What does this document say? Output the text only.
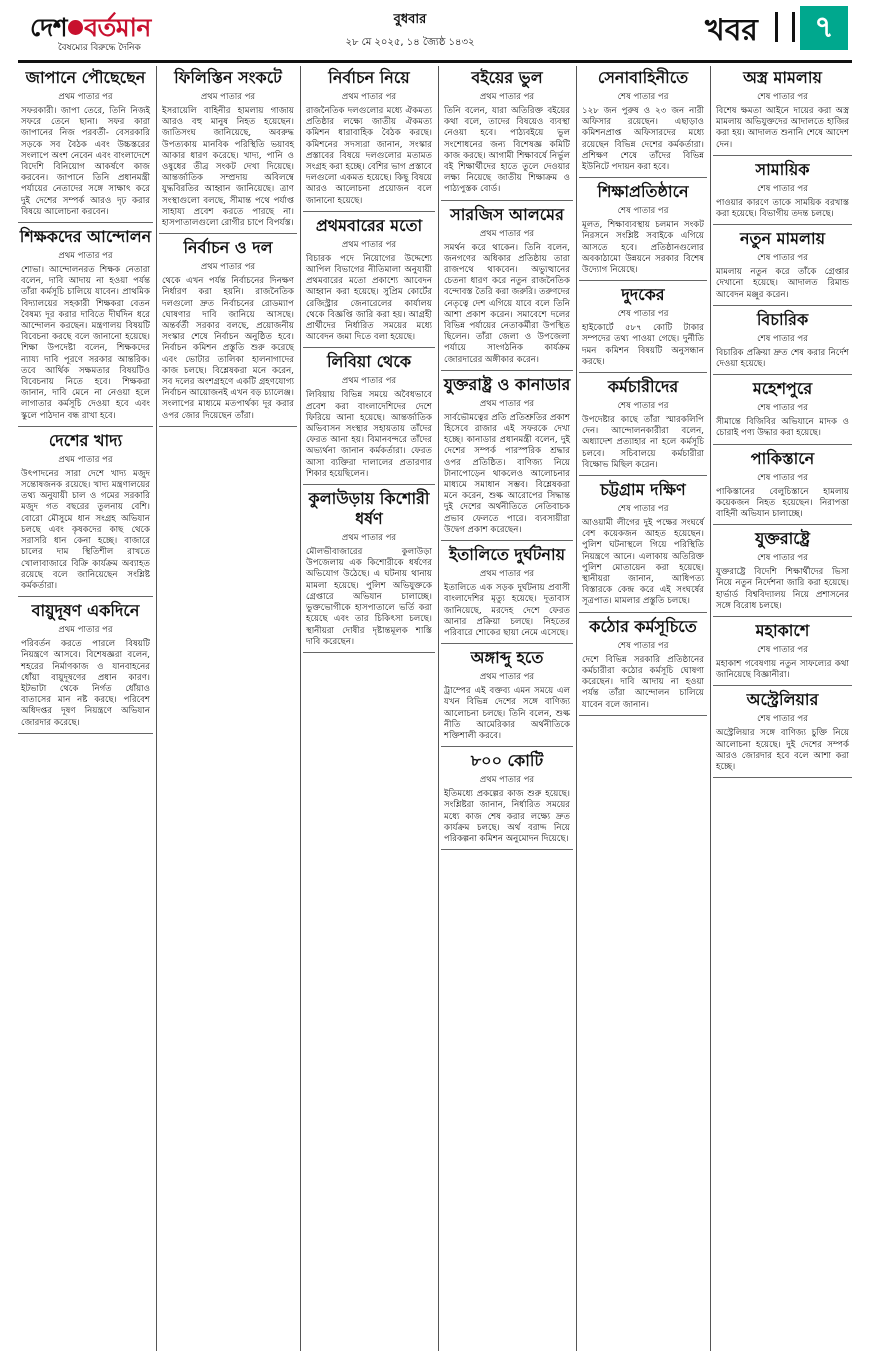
দেশ বর্তমান
বৈষম্যের বিরুদ্ধে দৈনিক
বুধবার
২৮ মে ২০২৫, ১৪ জ্যৈষ্ঠ ১৪৩২	খবর	৭
জাপানে পৌছেছেন
প্রথম পাতার পর
সফরকারী। জাপা তেরে, তিনি নিজই সফরে তেনে ছানা। সফর কারা জাপানের নিজ পরবর্তী- বেসরকারি সড়কে সব বৈঠক এবং উচ্চস্তরের সংলাপে অংশ নেবেন এবং বাংলাদেশে বিদেশি বিনিয়োগ আকর্ষণে কাজ করবেন। জাপানে তিনি প্রধানমন্ত্রী পর্যায়ের নেতাদের সঙ্গে সাক্ষাৎ করে দুই দেশের সম্পর্ক আরও দৃঢ় করার বিষয়ে আলোচনা করবেন।
শিক্ষকদের আন্দোলন
প্রথম পাতার পর
শোভা। আন্দোলনরত শিক্ষক নেতারা বলেন, দাবি আদায় না হওয়া পর্যন্ত তাঁরা কর্মসূচি চালিয়ে যাবেন। প্রাথমিক বিদ্যালয়ের সহকারী শিক্ষকরা বেতন বৈষম্য দূর করার দাবিতে দীর্ঘদিন ধরে আন্দোলন করছেন। মন্ত্রণালয় বিষয়টি বিবেচনা করছে বলে জানানো হয়েছে। শিক্ষা উপদেষ্টা বলেন, শিক্ষকদের ন্যায্য দাবি পূরণে সরকার আন্তরিক। তবে আর্থিক সক্ষমতার বিষয়টিও বিবেচনায় নিতে হবে। শিক্ষকরা জানান, দাবি মেনে না নেওয়া হলে লাগাতার কর্মসূচি দেওয়া হবে এবং স্কুলে পাঠদান বন্ধ রাখা হবে।
দেশের খাদ্য
প্রথম পাতার পর
উৎপাদনের সারা দেশে খাদ্য মজুদ সন্তোষজনক রয়েছে। খাদ্য মন্ত্রণালয়ের তথ্য অনুযায়ী চাল ও গমের সরকারি মজুদ গত বছরের তুলনায় বেশি। বোরো মৌসুমে ধান সংগ্রহ অভিযান চলছে এবং কৃষকদের কাছ থেকে সরাসরি ধান কেনা হচ্ছে। বাজারে চালের দাম স্থিতিশীল রাখতে খোলাবাজারে বিক্রি কার্যক্রম অব্যাহত রয়েছে বলে জানিয়েছেন সংশ্লিষ্ট কর্মকর্তারা।
বায়ুদূষণ একদিনে
প্রথম পাতার পর
পরিবর্তন করতে পারলে বিষয়টি নিয়ন্ত্রণে আসবে। বিশেষজ্ঞরা বলেন, শহরের নির্মাণকাজ ও যানবাহনের ধোঁয়া বায়ুদূষণের প্রধান কারণ। ইটভাটা থেকে নির্গত ধোঁয়াও বাতাসের মান নষ্ট করছে। পরিবেশ অধিদপ্তর দূষণ নিয়ন্ত্রণে অভিযান জোরদার করেছে।
ফিলিস্তিন সংকটে
প্রথম পাতার পর
ইসরায়েলি বাহিনীর হামলায় গাজায় আরও বহু মানুষ নিহত হয়েছেন। জাতিসংঘ জানিয়েছে, অবরুদ্ধ উপত্যকায় মানবিক পরিস্থিতি ভয়াবহ আকার ধারণ করেছে। খাদ্য, পানি ও ওষুধের তীব্র সংকট দেখা দিয়েছে। আন্তর্জাতিক সম্প্রদায় অবিলম্বে যুদ্ধবিরতির আহ্বান জানিয়েছে। ত্রাণ সংস্থাগুলো বলছে, সীমান্ত পথে পর্যাপ্ত সাহায্য প্রবেশ করতে পারছে না। হাসপাতালগুলো রোগীর চাপে বিপর্যস্ত।
নির্বাচন ও দল
প্রথম পাতার পর
থেকে এখন পর্যন্ত নির্বাচনের দিনক্ষণ নির্ধারণ করা হয়নি। রাজনৈতিক দলগুলো দ্রুত নির্বাচনের রোডম্যাপ ঘোষণার দাবি জানিয়ে আসছে। অন্তর্বর্তী সরকার বলছে, প্রয়োজনীয় সংস্কার শেষে নির্বাচন অনুষ্ঠিত হবে। নির্বাচন কমিশন প্রস্তুতি শুরু করেছে এবং ভোটার তালিকা হালনাগাদের কাজ চলছে। বিশ্লেষকরা মনে করেন, সব দলের অংশগ্রহণে একটি গ্রহণযোগ্য নির্বাচন আয়োজনই এখন বড় চ্যালেঞ্জ। সংলাপের মাধ্যমে মতপার্থক্য দূর করার ওপর জোর দিয়েছেন তাঁরা।
নির্বাচন নিয়ে
প্রথম পাতার পর
রাজনৈতিক দলগুলোর মধ্যে ঐকমত্য প্রতিষ্ঠার লক্ষ্যে জাতীয় ঐকমত্য কমিশন ধারাবাহিক বৈঠক করছে। কমিশনের সদস্যরা জানান, সংস্কার প্রস্তাবের বিষয়ে দলগুলোর মতামত সংগ্রহ করা হচ্ছে। বেশির ভাগ প্রস্তাবে দলগুলো একমত হয়েছে। কিছু বিষয়ে আরও আলোচনা প্রয়োজন বলে জানানো হয়েছে।
প্রথমবারের মতো
প্রথম পাতার পর
বিচারক পদে নিয়োগের উদ্দেশ্যে আপিল বিভাগের নীতিমালা অনুযায়ী প্রথমবারের মতো প্রকাশ্যে আবেদন আহ্বান করা হয়েছে। সুপ্রিম কোর্টের রেজিস্ট্রার জেনারেলের কার্যালয় থেকে বিজ্ঞপ্তি জারি করা হয়। আগ্রহী প্রার্থীদের নির্ধারিত সময়ের মধ্যে আবেদন জমা দিতে বলা হয়েছে।
লিবিয়া থেকে
প্রথম পাতার পর
লিবিয়ায় বিভিন্ন সময়ে অবৈধভাবে প্রবেশ করা বাংলাদেশিদের দেশে ফিরিয়ে আনা হয়েছে। আন্তর্জাতিক অভিবাসন সংস্থার সহায়তায় তাঁদের ফেরত আনা হয়। বিমানবন্দরে তাঁদের অভ্যর্থনা জানান কর্মকর্তারা। ফেরত আসা ব্যক্তিরা দালালের প্রতারণার শিকার হয়েছিলেন।
কুলাউড়ায় কিশোরী ধর্ষণ
প্রথম পাতার পর
মৌলভীবাজারের কুলাউড়া উপজেলায় এক কিশোরীকে ধর্ষণের অভিযোগ উঠেছে। এ ঘটনায় থানায় মামলা হয়েছে। পুলিশ অভিযুক্তকে গ্রেপ্তারে অভিযান চালাচ্ছে। ভুক্তভোগীকে হাসপাতালে ভর্তি করা হয়েছে এবং তার চিকিৎসা চলছে। স্থানীয়রা দোষীর দৃষ্টান্তমূলক শাস্তি দাবি করেছেন।
বইয়ের ভুল
প্রথম পাতার পর
তিনি বলেন, যারা অতিরিক্ত বইয়ের কথা বলে, তাদের বিষয়েও ব্যবস্থা নেওয়া হবে। পাঠ্যবইয়ে ভুল সংশোধনের জন্য বিশেষজ্ঞ কমিটি কাজ করছে। আগামী শিক্ষাবর্ষে নির্ভুল বই শিক্ষার্থীদের হাতে তুলে দেওয়ার লক্ষ্য নিয়েছে জাতীয় শিক্ষাক্রম ও পাঠ্যপুস্তক বোর্ড।
সারজিস আলমের
প্রথম পাতার পর
সমর্থন করে থাকেন। তিনি বলেন, জনগণের অধিকার প্রতিষ্ঠায় তারা রাজপথে থাকবেন। অভ্যুত্থানের চেতনা ধারণ করে নতুন রাজনৈতিক বন্দোবস্ত তৈরি করা জরুরি। তরুণদের নেতৃত্বে দেশ এগিয়ে যাবে বলে তিনি আশা প্রকাশ করেন। সমাবেশে দলের বিভিন্ন পর্যায়ের নেতাকর্মীরা উপস্থিত ছিলেন। তাঁরা জেলা ও উপজেলা পর্যায়ে সাংগঠনিক কার্যক্রম জোরদারের অঙ্গীকার করেন।
যুক্তরাষ্ট্র ও কানাডার
প্রথম পাতার পর
সার্বভৌমত্বের প্রতি প্রতিশ্রুতির প্রকাশ হিসেবে রাজার এই সফরকে দেখা হচ্ছে। কানাডার প্রধানমন্ত্রী বলেন, দুই দেশের সম্পর্ক পারস্পরিক শ্রদ্ধার ওপর প্রতিষ্ঠিত। বাণিজ্য নিয়ে টানাপোড়েন থাকলেও আলোচনার মাধ্যমে সমাধান সম্ভব। বিশ্লেষকরা মনে করেন, শুল্ক আরোপের সিদ্ধান্ত দুই দেশের অর্থনীতিতে নেতিবাচক প্রভাব ফেলতে পারে। ব্যবসায়ীরা উদ্বেগ প্রকাশ করেছেন।
ইতালিতে দুর্ঘটনায়
প্রথম পাতার পর
ইতালিতে এক সড়ক দুর্ঘটনায় প্রবাসী বাংলাদেশির মৃত্যু হয়েছে। দূতাবাস জানিয়েছে, মরদেহ দেশে ফেরত আনার প্রক্রিয়া চলছে। নিহতের পরিবারে শোকের ছায়া নেমে এসেছে।
অঙ্গাব্দু হতে
প্রথম পাতার পর
ট্রাম্পের এই বক্তব্য এমন সময়ে এল যখন বিভিন্ন দেশের সঙ্গে বাণিজ্য আলোচনা চলছে। তিনি বলেন, শুল্ক নীতি আমেরিকার অর্থনীতিকে শক্তিশালী করবে।
৮০০ কোটি
প্রথম পাতার পর
ইতিমধ্যে প্রকল্পের কাজ শুরু হয়েছে। সংশ্লিষ্টরা জানান, নির্ধারিত সময়ের মধ্যে কাজ শেষ করার লক্ষ্যে দ্রুত কার্যক্রম চলছে। অর্থ বরাদ্দ নিয়ে পরিকল্পনা কমিশন অনুমোদন দিয়েছে।
সেনাবাহিনীতে
শেষ পাতার পর
১২৮ জন পুরুষ ও ২৩ জন নারী অফিসার রয়েছেন। এছাড়াও কমিশনপ্রাপ্ত অফিসারদের মধ্যে রয়েছেন বিভিন্ন দেশের কর্মকর্তারা। প্রশিক্ষণ শেষে তাঁদের বিভিন্ন ইউনিটে পদায়ন করা হবে।
শিক্ষাপ্রতিষ্ঠানে
শেষ পাতার পর
মূলত, শিক্ষাব্যবস্থায় চলমান সংকট নিরসনে সংশ্লিষ্ট সবাইকে এগিয়ে আসতে হবে। প্রতিষ্ঠানগুলোর অবকাঠামো উন্নয়নে সরকার বিশেষ উদ্যোগ নিয়েছে।
দুদকের
শেষ পাতার পর
হাইকোর্টে ৫৮৭ কোটি টাকার সম্পদের তথ্য পাওয়া গেছে। দুর্নীতি দমন কমিশন বিষয়টি অনুসন্ধান করছে।
কর্মচারীদের
শেষ পাতার পর
উপদেষ্টার কাছে তাঁরা স্মারকলিপি দেন। আন্দোলনকারীরা বলেন, অধ্যাদেশ প্রত্যাহার না হলে কর্মসূচি চলবে। সচিবালয়ে কর্মচারীরা বিক্ষোভ মিছিল করেন।
চট্টগ্রাম দক্ষিণ
শেষ পাতার পর
আওয়ামী লীগের দুই পক্ষের সংঘর্ষে বেশ কয়েকজন আহত হয়েছেন। পুলিশ ঘটনাস্থলে গিয়ে পরিস্থিতি নিয়ন্ত্রণে আনে। এলাকায় অতিরিক্ত পুলিশ মোতায়েন করা হয়েছে। স্থানীয়রা জানান, আধিপত্য বিস্তারকে কেন্দ্র করে এই সংঘর্ষের সূত্রপাত। মামলার প্রস্তুতি চলছে।
কঠোর কর্মসূচিতে
শেষ পাতার পর
দেশে বিভিন্ন সরকারি প্রতিষ্ঠানের কর্মচারীরা কঠোর কর্মসূচি ঘোষণা করেছেন। দাবি আদায় না হওয়া পর্যন্ত তাঁরা আন্দোলন চালিয়ে যাবেন বলে জানান।
অস্ত্র মামলায়
শেষ পাতার পর
বিশেষ ক্ষমতা আইনে দায়ের করা অস্ত্র মামলায় অভিযুক্তদের আদালতে হাজির করা হয়। আদালত শুনানি শেষে আদেশ দেন।
সামায়িক
শেষ পাতার পর
পাওয়ার কারণে তাকে সাময়িক বরখাস্ত করা হয়েছে। বিভাগীয় তদন্ত চলছে।
নতুন মামলায়
শেষ পাতার পর
মামলায় নতুন করে তাঁকে গ্রেপ্তার দেখানো হয়েছে। আদালত রিমান্ড আবেদন মঞ্জুর করেন।
বিচারিক
শেষ পাতার পর
বিচারিক প্রক্রিয়া দ্রুত শেষ করার নির্দেশ দেওয়া হয়েছে।
মহেশপুরে
শেষ পাতার পর
সীমান্তে বিজিবির অভিযানে মাদক ও চোরাই পণ্য উদ্ধার করা হয়েছে।
পাকিস্তানে
শেষ পাতার পর
পাকিস্তানের বেলুচিস্তানে হামলায় কয়েকজন নিহত হয়েছেন। নিরাপত্তা বাহিনী অভিযান চালাচ্ছে।
যুক্তরাষ্ট্রে
শেষ পাতার পর
যুক্তরাষ্ট্রে বিদেশি শিক্ষার্থীদের ভিসা নিয়ে নতুন নির্দেশনা জারি করা হয়েছে। হার্ভার্ড বিশ্ববিদ্যালয় নিয়ে প্রশাসনের সঙ্গে বিরোধ চলছে।
মহাকাশে
শেষ পাতার পর
মহাকাশ গবেষণায় নতুন সাফল্যের কথা জানিয়েছে বিজ্ঞানীরা।
অস্ট্রেলিয়ার
শেষ পাতার পর
অস্ট্রেলিয়ার সঙ্গে বাণিজ্য চুক্তি নিয়ে আলোচনা হয়েছে। দুই দেশের সম্পর্ক আরও জোরদার হবে বলে আশা করা হচ্ছে।
